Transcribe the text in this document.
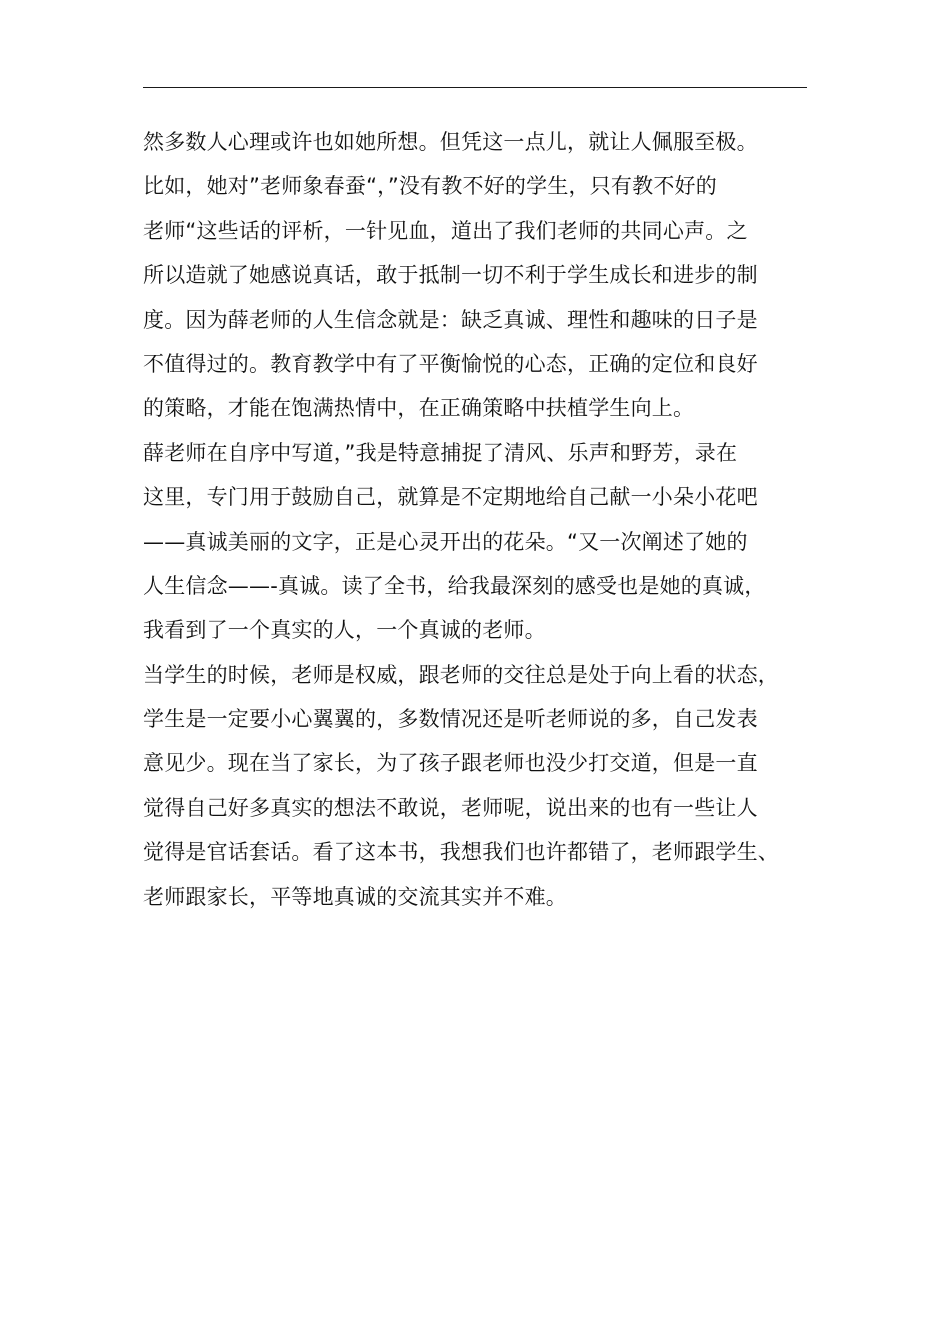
然多数人心理或许也如她所想。但凭这一点儿，就让人佩服至极。
比如，她对”老师象春蚕“，”没有教不好的学生，只有教不好的
老师“这些话的评析，一针见血，道出了我们老师的共同心声。之
所以造就了她感说真话，敢于抵制一切不利于学生成长和进步的制
度。因为薛老师的人生信念就是：缺乏真诚、理性和趣味的日子是
不值得过的。教育教学中有了平衡愉悦的心态，正确的定位和良好
的策略，才能在饱满热情中，在正确策略中扶植学生向上。
薛老师在自序中写道，”我是特意捕捉了清风、乐声和野芳，录在
这里，专门用于鼓励自己，就算是不定期地给自己献一小朵小花吧
——真诚美丽的文字，正是心灵开出的花朵。“又一次阐述了她的
人生信念——-真诚。读了全书，给我最深刻的感受也是她的真诚，
我看到了一个真实的人，一个真诚的老师。
当学生的时候，老师是权威，跟老师的交往总是处于向上看的状态，
学生是一定要小心翼翼的，多数情况还是听老师说的多，自己发表
意见少。现在当了家长，为了孩子跟老师也没少打交道，但是一直
觉得自己好多真实的想法不敢说，老师呢，说出来的也有一些让人
觉得是官话套话。看了这本书，我想我们也许都错了，老师跟学生、
老师跟家长，平等地真诚的交流其实并不难。
